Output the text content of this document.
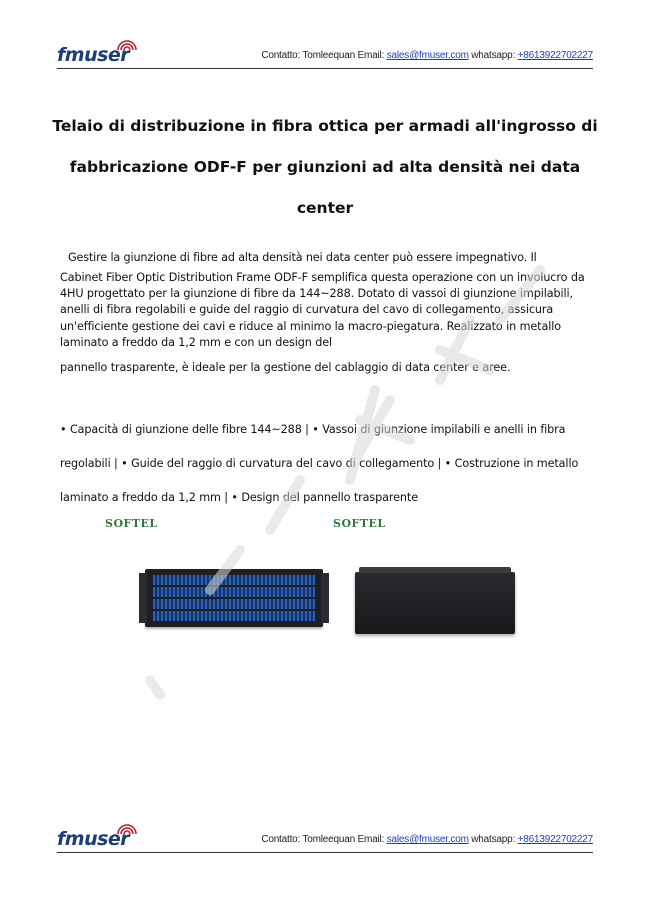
fmuser	Contatto: Tomleequan Email: sales@fmuser.com whatsapp: +8613922702227
Telaio di distribuzione in fibra ottica per armadi all'ingrosso di
fabbricazione ODF-F per giunzioni ad alta densità nei data
center
Gestire la giunzione di fibre ad alta densità nei data center può essere impegnativo. Il
Cabinet Fiber Optic Distribution Frame ODF-F semplifica questa operazione con un involucro da 4HU progettato per la giunzione di fibre da 144~288. Dotato di vassoi di giunzione impilabili, anelli di fibra regolabili e guide del raggio di curvatura del cavo di collegamento, assicura un'efficiente gestione dei cavi e riduce al minimo la macro-piegatura. Realizzato in metallo laminato a freddo da 1,2 mm e con un design del
pannello trasparente, è ideale per la gestione del cablaggio di data center e aree.
• Capacità di giunzione delle fibre 144~288 | • Vassoi di giunzione impilabili e anelli in fibra regolabili | • Guide del raggio di curvatura del cavo di collegamento | • Costruzione in metallo laminato a freddo da 1,2 mm | • Design del pannello trasparente
SOFTEL	SOFTEL
fmuser	Contatto: Tomleequan Email: sales@fmuser.com whatsapp: +8613922702227
